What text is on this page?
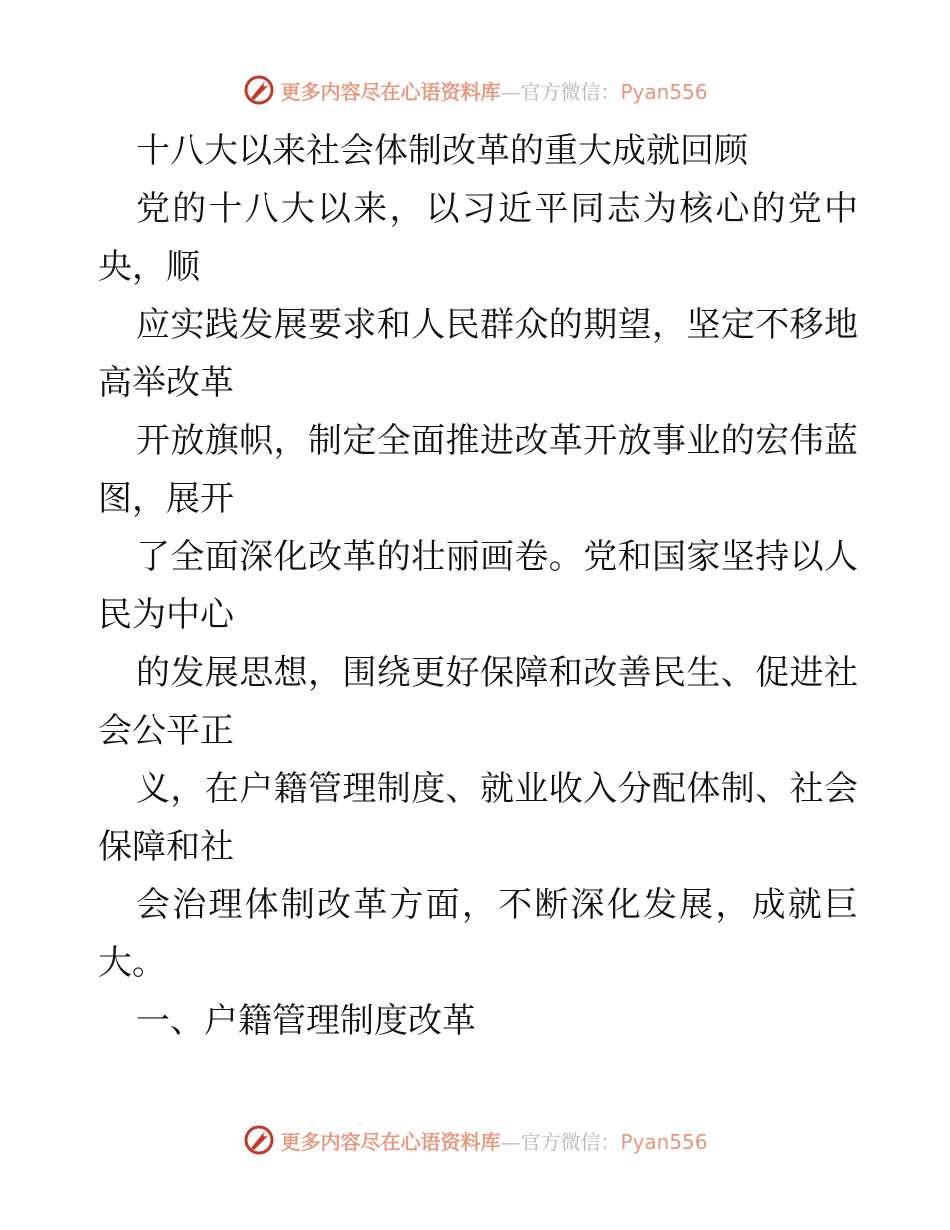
更多内容尽在心语资料库—官方微信：Pyan556
十八大以来社会体制改革的重大成就回顾
党的十八大以来，以习近平同志为核心的党中
央，顺
应实践发展要求和人民群众的期望，坚定不移地
高举改革
开放旗帜，制定全面推进改革开放事业的宏伟蓝
图，展开
了全面深化改革的壮丽画卷。党和国家坚持以人
民为中心
的发展思想，围绕更好保障和改善民生、促进社
会公平正
义，在户籍管理制度、就业收入分配体制、社会
保障和社
会治理体制改革方面，不断深化发展，成就巨
大。
一、户籍管理制度改革
更多内容尽在心语资料库—官方微信：Pyan556
